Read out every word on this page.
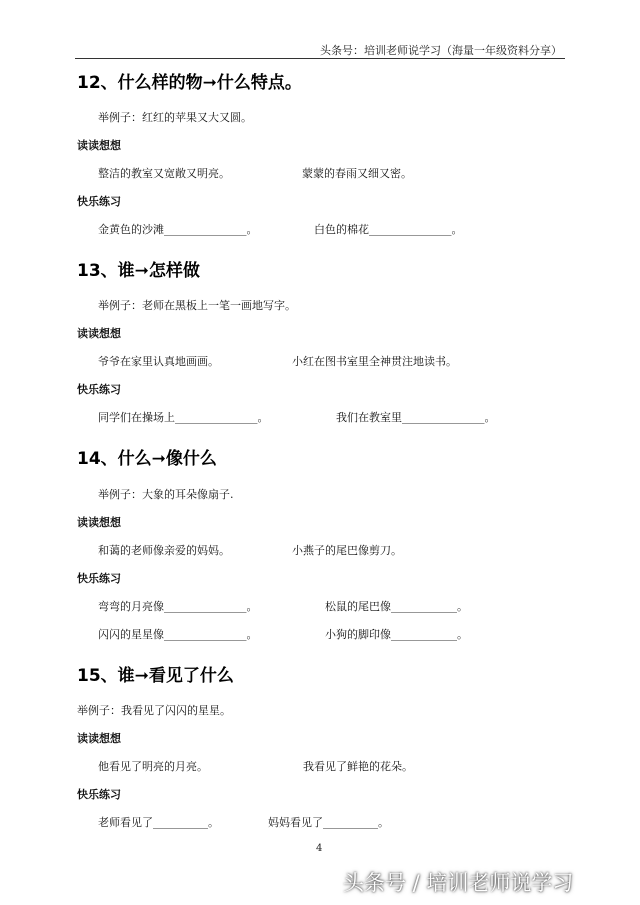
头条号：培训老师说学习（海量一年级资料分享）
12、什么样的物➞什么特点。
举例子：红红的苹果又大又圆。
读读想想
整洁的教室又宽敞又明亮。	蒙蒙的春雨又细又密。
快乐练习
金黄色的沙滩_______________。	白色的棉花_______________。
13、谁➞怎样做
举例子：老师在黑板上一笔一画地写字。
读读想想
爷爷在家里认真地画画。	小红在图书室里全神贯注地读书。
快乐练习
同学们在操场上_______________。	我们在教室里_______________。
14、什么➞像什么
举例子：大象的耳朵像扇子.
读读想想
和蔼的老师像亲爱的妈妈。	小燕子的尾巴像剪刀。
快乐练习
弯弯的月亮像_______________。	松鼠的尾巴像____________。
闪闪的星星像_______________。	小狗的脚印像____________。
15、谁➞看见了什么
举例子：我看见了闪闪的星星。
读读想想
他看见了明亮的月亮。	我看见了鲜艳的花朵。
快乐练习
老师看见了__________。	妈妈看见了__________。
4
头条号 / 培训老师说学习
